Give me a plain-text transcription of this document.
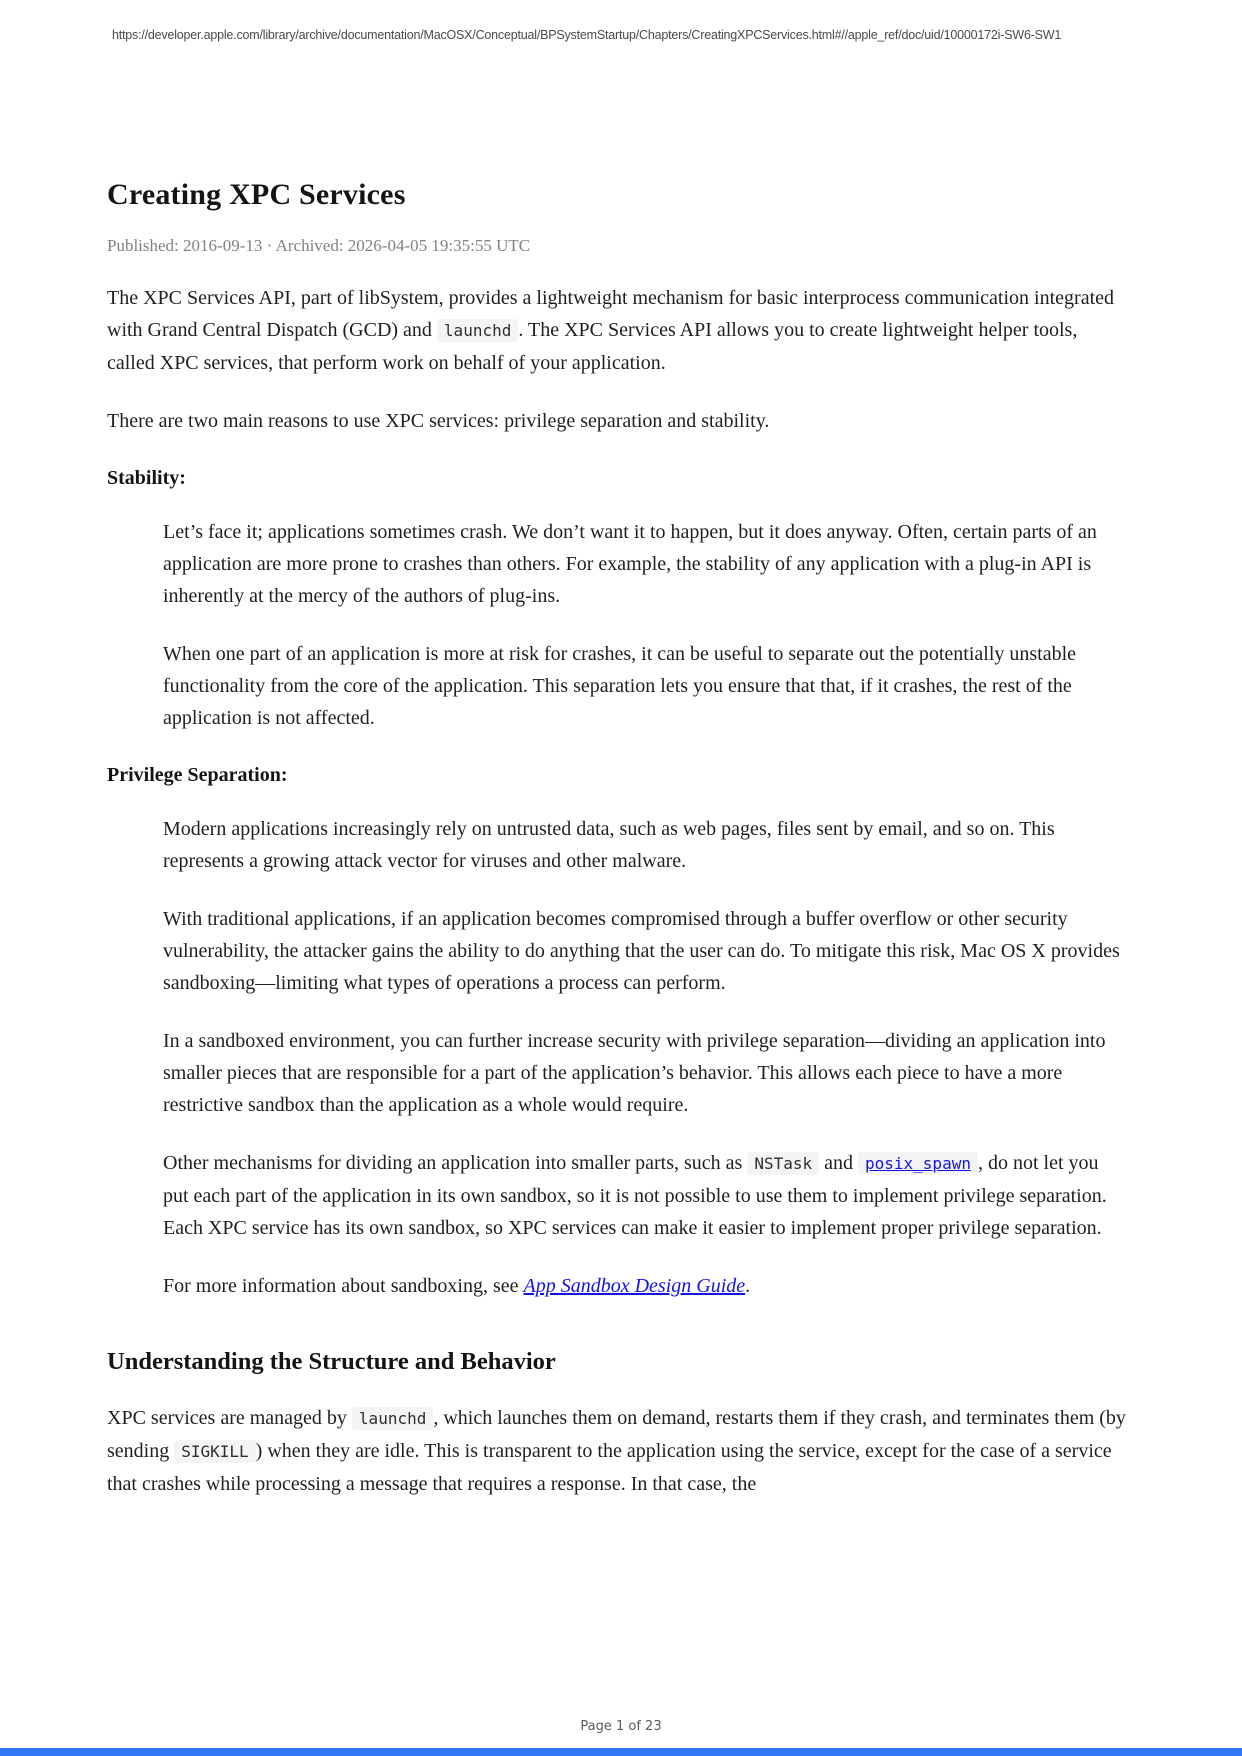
https://developer.apple.com/library/archive/documentation/MacOSX/Conceptual/BPSystemStartup/Chapters/CreatingXPCServices.html#//apple_ref/doc/uid/10000172i-SW6-SW1
Creating XPC Services

Published: 2016-09-13 · Archived: 2026-04-05 19:35:55 UTC

The XPC Services API, part of libSystem, provides a lightweight mechanism for basic interprocess communication integrated with Grand Central Dispatch (GCD) and launchd . The XPC Services API allows you to create lightweight helper tools, called XPC services, that perform work on behalf of your application.

There are two main reasons to use XPC services: privilege separation and stability.

Stability:

Let’s face it; applications sometimes crash. We don’t want it to happen, but it does anyway. Often, certain parts of an application are more prone to crashes than others. For example, the stability of any application with a plug-in API is inherently at the mercy of the authors of plug-ins.

When one part of an application is more at risk for crashes, it can be useful to separate out the potentially unstable functionality from the core of the application. This separation lets you ensure that that, if it crashes, the rest of the application is not affected.

Privilege Separation:

Modern applications increasingly rely on untrusted data, such as web pages, files sent by email, and so on. This represents a growing attack vector for viruses and other malware.

With traditional applications, if an application becomes compromised through a buffer overflow or other security vulnerability, the attacker gains the ability to do anything that the user can do. To mitigate this risk, Mac OS X provides sandboxing—limiting what types of operations a process can perform.

In a sandboxed environment, you can further increase security with privilege separation—dividing an application into smaller pieces that are responsible for a part of the application’s behavior. This allows each piece to have a more restrictive sandbox than the application as a whole would require.

Other mechanisms for dividing an application into smaller parts, such as NSTask and posix_spawn , do not let you put each part of the application in its own sandbox, so it is not possible to use them to implement privilege separation. Each XPC service has its own sandbox, so XPC services can make it easier to implement proper privilege separation.

For more information about sandboxing, see App Sandbox Design Guide.

Understanding the Structure and Behavior

XPC services are managed by launchd , which launches them on demand, restarts them if they crash, and terminates them (by sending SIGKILL ) when they are idle. This is transparent to the application using the service, except for the case of a service that crashes while processing a message that requires a response. In that case, the

Page 1 of 23
